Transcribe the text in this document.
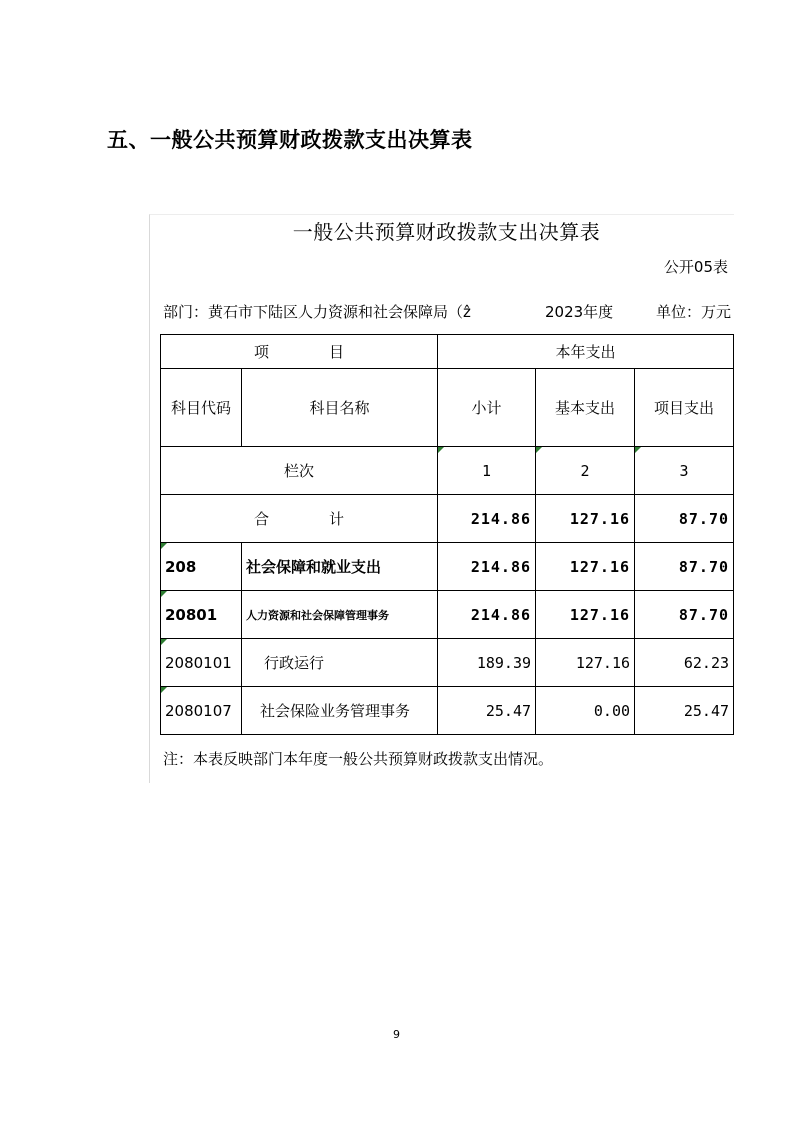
五、一般公共预算财政拨款支出决算表
一般公共预算财政拨款支出决算表
公开05表
部门：黄石市下陆区人力资源和社会保障局（ẑ	2023年度	单位：万元
项　　　　目		本年支出		
科目代码	科目名称	小计	基本支出	项目支出
栏次		1	2	3
合　　　　计		214.86	127.16	87.70
208	社会保障和就业支出	214.86	127.16	87.70
20801	人力资源和社会保障管理事务	214.86	127.16	87.70
2080101	行政运行	189.39	127.16	62.23
2080107	社会保险业务管理事务	25.47	0.00	25.47
注：本表反映部门本年度一般公共预算财政拨款支出情况。
9
